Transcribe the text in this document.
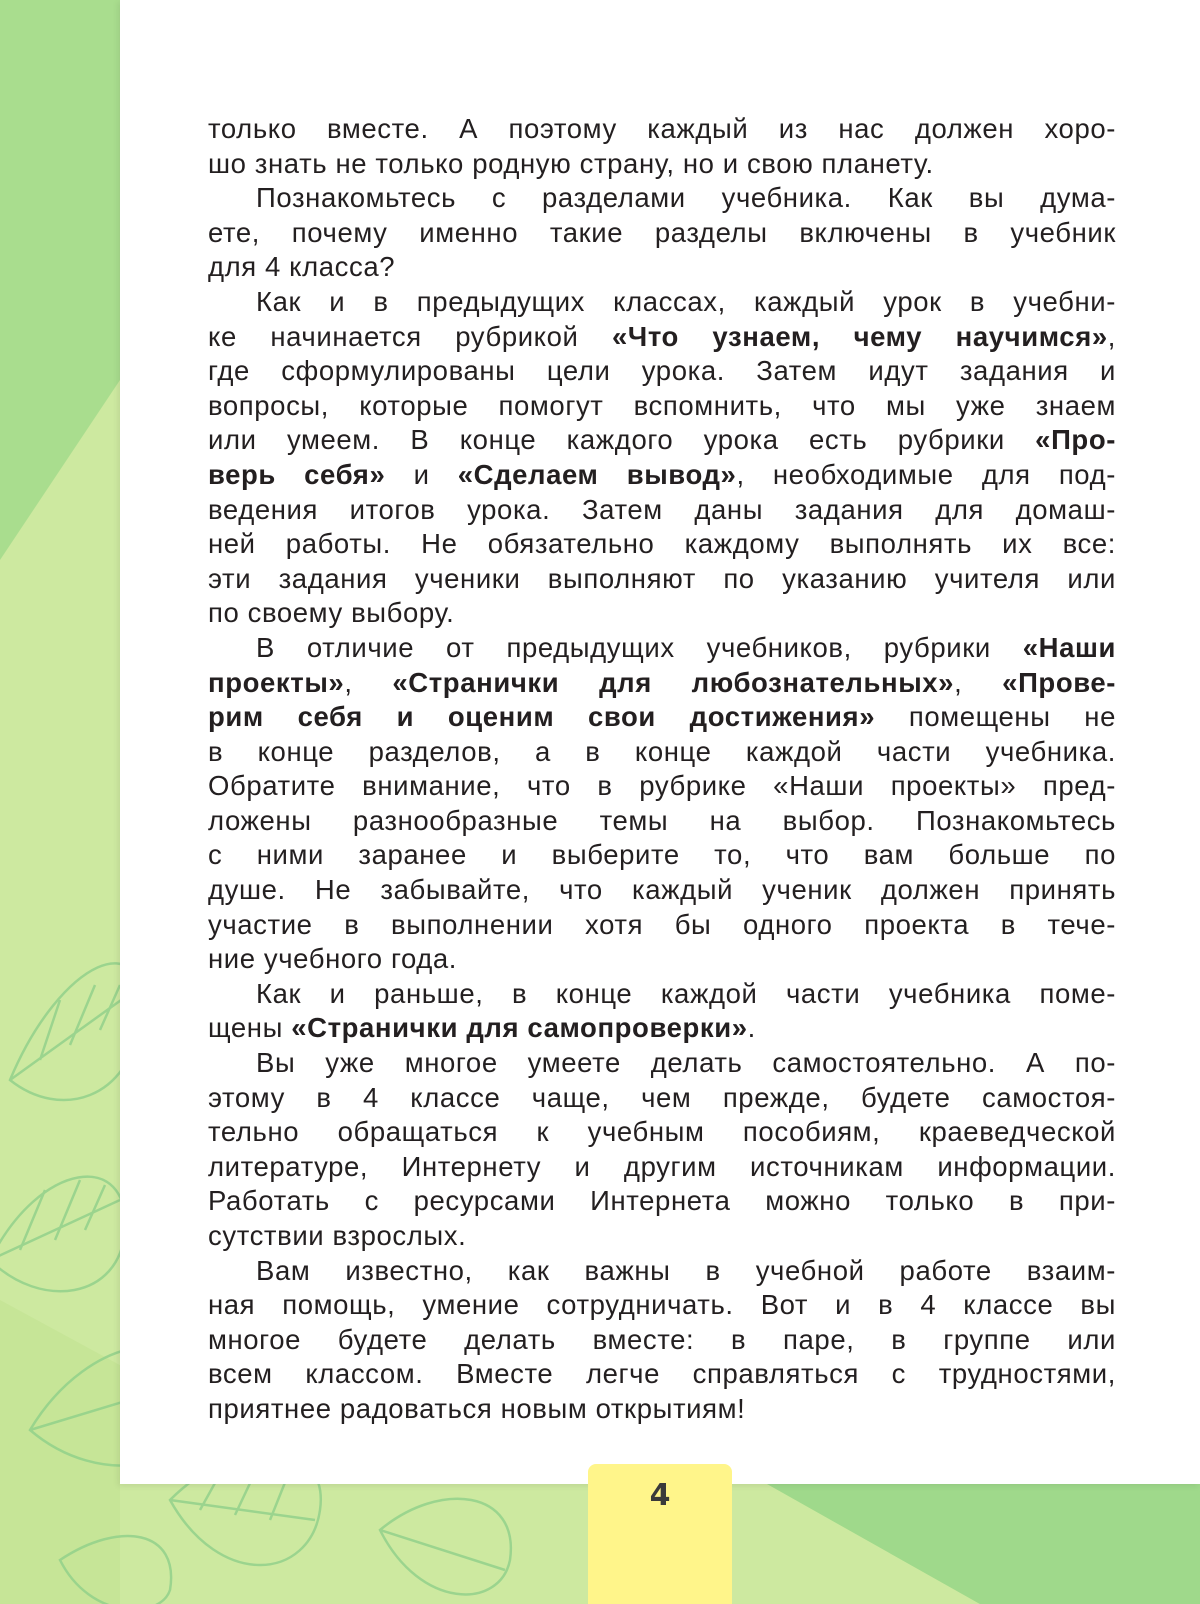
только вместе. А поэтому каждый из нас должен хоро-
шо знать не только родную страну, но и свою планету.
Познакомьтесь с разделами учебника. Как вы дума-
ете, почему именно такие разделы включены в учебник
для 4 класса?
Как и в предыдущих классах, каждый урок в учебни-
ке начинается рубрикой «Что узнаем, чему научимся»,
где сформулированы цели урока. Затем идут задания и
вопросы, которые помогут вспомнить, что мы уже знаем
или умеем. В конце каждого урока есть рубрики «Про-
верь себя» и «Сделаем вывод», необходимые для под-
ведения итогов урока. Затем даны задания для домаш-
ней работы. Не обязательно каждому выполнять их все:
эти задания ученики выполняют по указанию учителя или
по своему выбору.
В отличие от предыдущих учебников, рубрики «Наши
проекты», «Странички для любознательных», «Прове-
рим себя и оценим свои достижения» помещены не
в конце разделов, а в конце каждой части учебника.
Обратите внимание, что в рубрике «Наши проекты» пред-
ложены разнообразные темы на выбор. Познакомьтесь
с ними заранее и выберите то, что вам больше по
душе. Не забывайте, что каждый ученик должен принять
участие в выполнении хотя бы одного проекта в тече-
ние учебного года.
Как и раньше, в конце каждой части учебника поме-
щены «Странички для самопроверки».
Вы уже многое умеете делать самостоятельно. А по-
этому в 4 классе чаще, чем прежде, будете самостоя-
тельно обращаться к учебным пособиям, краеведческой
литературе, Интернету и другим источникам информации.
Работать с ресурсами Интернета можно только в при-
сутствии взрослых.
Вам известно, как важны в учебной работе взаим-
ная помощь, умение сотрудничать. Вот и в 4 классе вы
многое будете делать вместе: в паре, в группе или
всем классом. Вместе легче справляться с трудностями,
приятнее радоваться новым открытиям!
4
